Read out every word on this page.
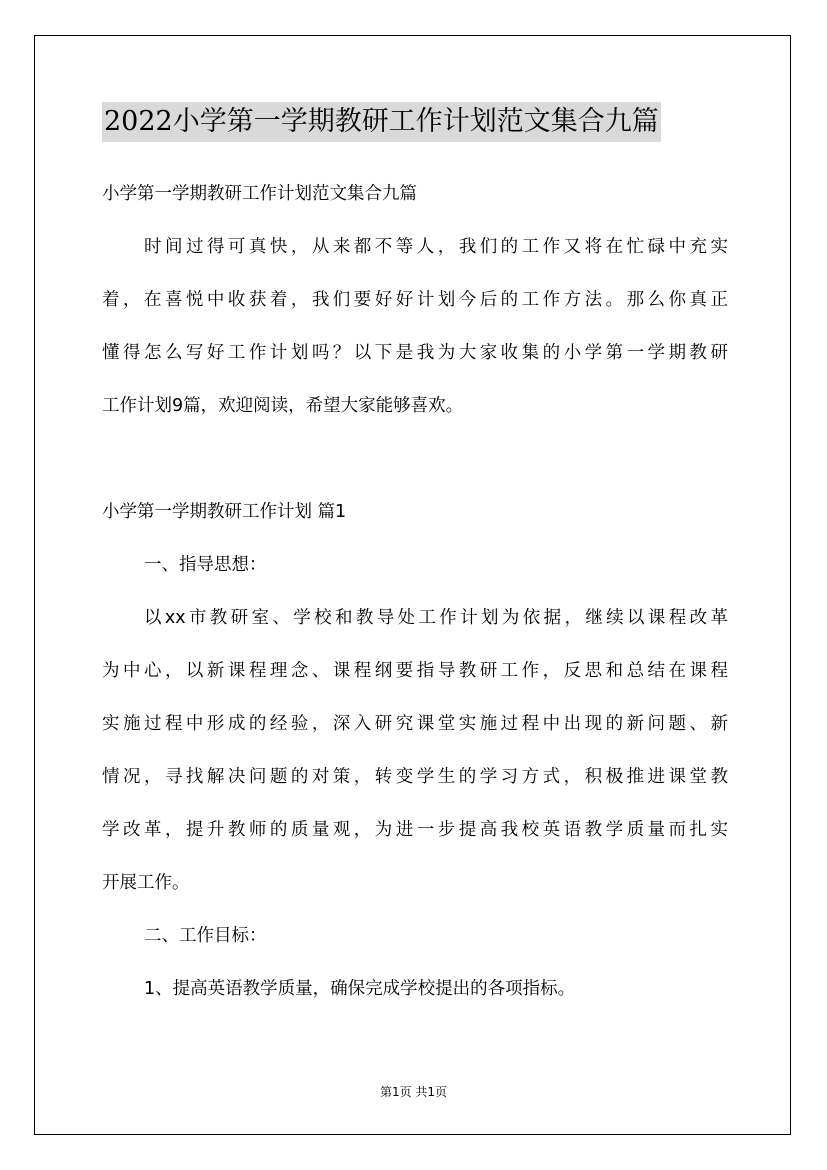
2022小学第一学期教研工作计划范文集合九篇
小学第一学期教研工作计划范文集合九篇
时间过得可真快，从来都不等人，我们的工作又将在忙碌中充实
着，在喜悦中收获着，我们要好好计划今后的工作方法。那么你真正
懂得怎么写好工作计划吗？以下是我为大家收集的小学第一学期教研
工作计划9篇，欢迎阅读，希望大家能够喜欢。
小学第一学期教研工作计划 篇1
一、指导思想：
以xx市教研室、学校和教导处工作计划为依据，继续以课程改革
为中心，以新课程理念、课程纲要指导教研工作，反思和总结在课程
实施过程中形成的经验，深入研究课堂实施过程中出现的新问题、新
情况，寻找解决问题的对策，转变学生的学习方式，积极推进课堂教
学改革，提升教师的质量观，为进一步提高我校英语教学质量而扎实
开展工作。
二、工作目标：
1、提高英语教学质量，确保完成学校提出的各项指标。
第1页 共1页
